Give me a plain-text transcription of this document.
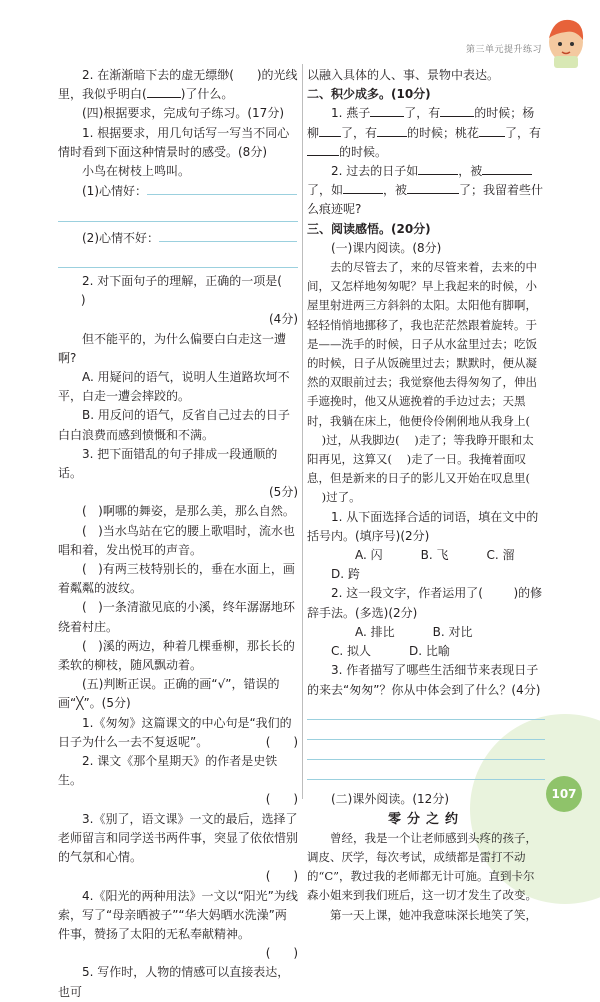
第三单元提升练习

2. 在渐渐暗下去的虚无缥缈( )的光线里，我似乎明白(	)了什么。

(四)根据要求，完成句子练习。(17分)

1. 根据要求，用几句话写一写当不同心情时看到下面这种情景时的感受。(8分)

小鸟在树枝上鸣叫。

(1)心情好：

(2)心情不好：

2. 对下面句子的理解，正确的一项是(      )

(4分)

但不能平的，为什么偏要白白走这一遭啊?

A. 用疑问的语气，说明人生道路坎坷不平，白走一遭会摔跤的。

B. 用反问的语气，反省自己过去的日子白白浪费而感到愤慨和不满。

3. 把下面错乱的句子排成一段通顺的话。

(5分)

( )啊哪的舞姿，是那么美，那么自然。

( )当水鸟站在它的腰上歌唱时，流水也唱和着，发出悦耳的声音。

( )有两三枝特别长的，垂在水面上，画着粼粼的波纹。

( )一条清澈见底的小溪，终年潺潺地环绕着村庄。

( )溪的两边，种着几棵垂柳，那长长的柔软的柳枝，随风飘动着。

(五)判断正误。正确的画“√”，错误的画“╳”。(5分)

1.《匆匆》这篇课文的中心句是“我们的日子为什么一去不复返呢”。	(      )

2. 课文《那个星期天》的作者是史铁生。

(      )

3.《别了，语文课》一文的最后，选择了老师留言和同学送书两件事，突显了依依惜别的气氛和心情。

(      )

4.《阳光的两种用法》一文以“阳光”为线索，写了“母亲晒被子”“华大妈晒水洗澡”两件事，赞扬了太阳的无私奉献精神。

(      )

5. 写作时，人物的情感可以直接表达，也可

以融入具体的人、事、景物中表达。

二、积少成多。(10分)

1. 燕子	了，有	的时候；杨柳 了，有	的时候；桃花 了，有的时候。

2. 过去的日子如	，被了，如	，被	了；我留着些什么痕迹呢?

三、阅读感悟。(20分)

(一)课内阅读。(8分)

去的尽管去了，来的尽管来着，去来的中间，又怎样地匆匆呢？早上我起来的时候，小屋里射进两三方斜斜的太阳。太阳他有脚啊，轻轻悄悄地挪移了，我也茫茫然跟着旋转。于是——洗手的时候，日子从水盆里过去；吃饭的时候，日子从饭碗里过去；默默时，便从凝然的双眼前过去；我觉察他去得匆匆了，伸出手遮挽时，他又从遮挽着的手边过去；天黑时，我躺在床上，他便伶伶俐俐地从我身上(    )过，从我脚边( )走了；等我睁开眼和太阳再见，这算又( )走了一日。我掩着面叹息，但是新来的日子的影儿又开始在叹息里(    )过了。

1. 从下面选择合适的词语，填在文中的括号内。(填序号)(2分)

A. 闪	B. 飞	C. 溜D. 跨

2. 这一段文字，作者运用了(	)的修辞手法。(多选)(2分)

A. 排比	B. 对比C. 拟人	D. 比喻

3. 作者描写了哪些生活细节来表现日子的来去“匆匆”？你从中体会到了什么？(4分)

(二)课外阅读。(12分)

零分之约

曾经，我是一个让老师感到头疼的孩子，调皮、厌学，每次考试，成绩都是雷打不动的“C”，教过我的老师都无计可施。直到卡尔森小姐来到我们班后，这一切才发生了改变。

第一天上课，她冲我意味深长地笑了笑，

107
